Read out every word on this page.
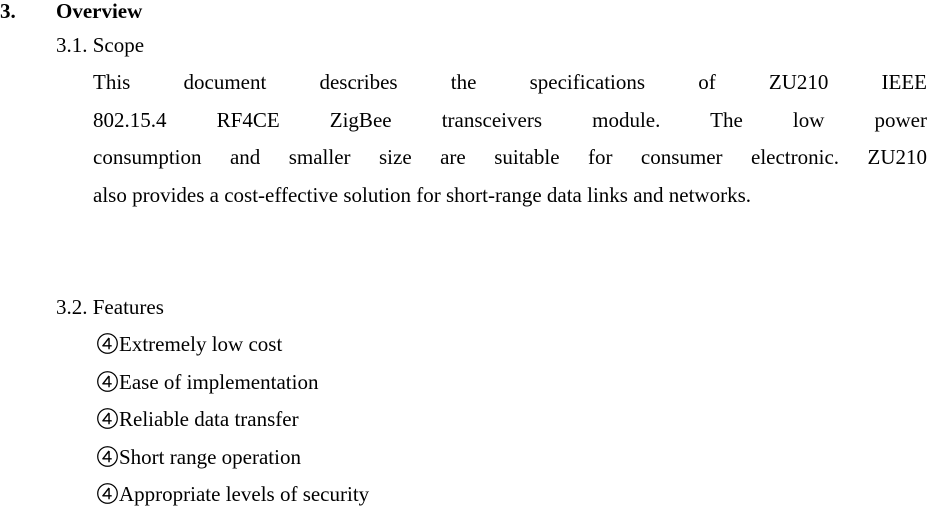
3. Overview
3.1. Scope
This document describes the specifications of ZU210 IEEE
802.15.4 RF4CE ZigBee transceivers module. The low power
consumption and smaller size are suitable for consumer electronic. ZU210
also provides a cost-effective solution for short-range data links and networks.
3.2. Features
Extremely low cost
Ease of implementation
Reliable data transfer
Short range operation
Appropriate levels of security
